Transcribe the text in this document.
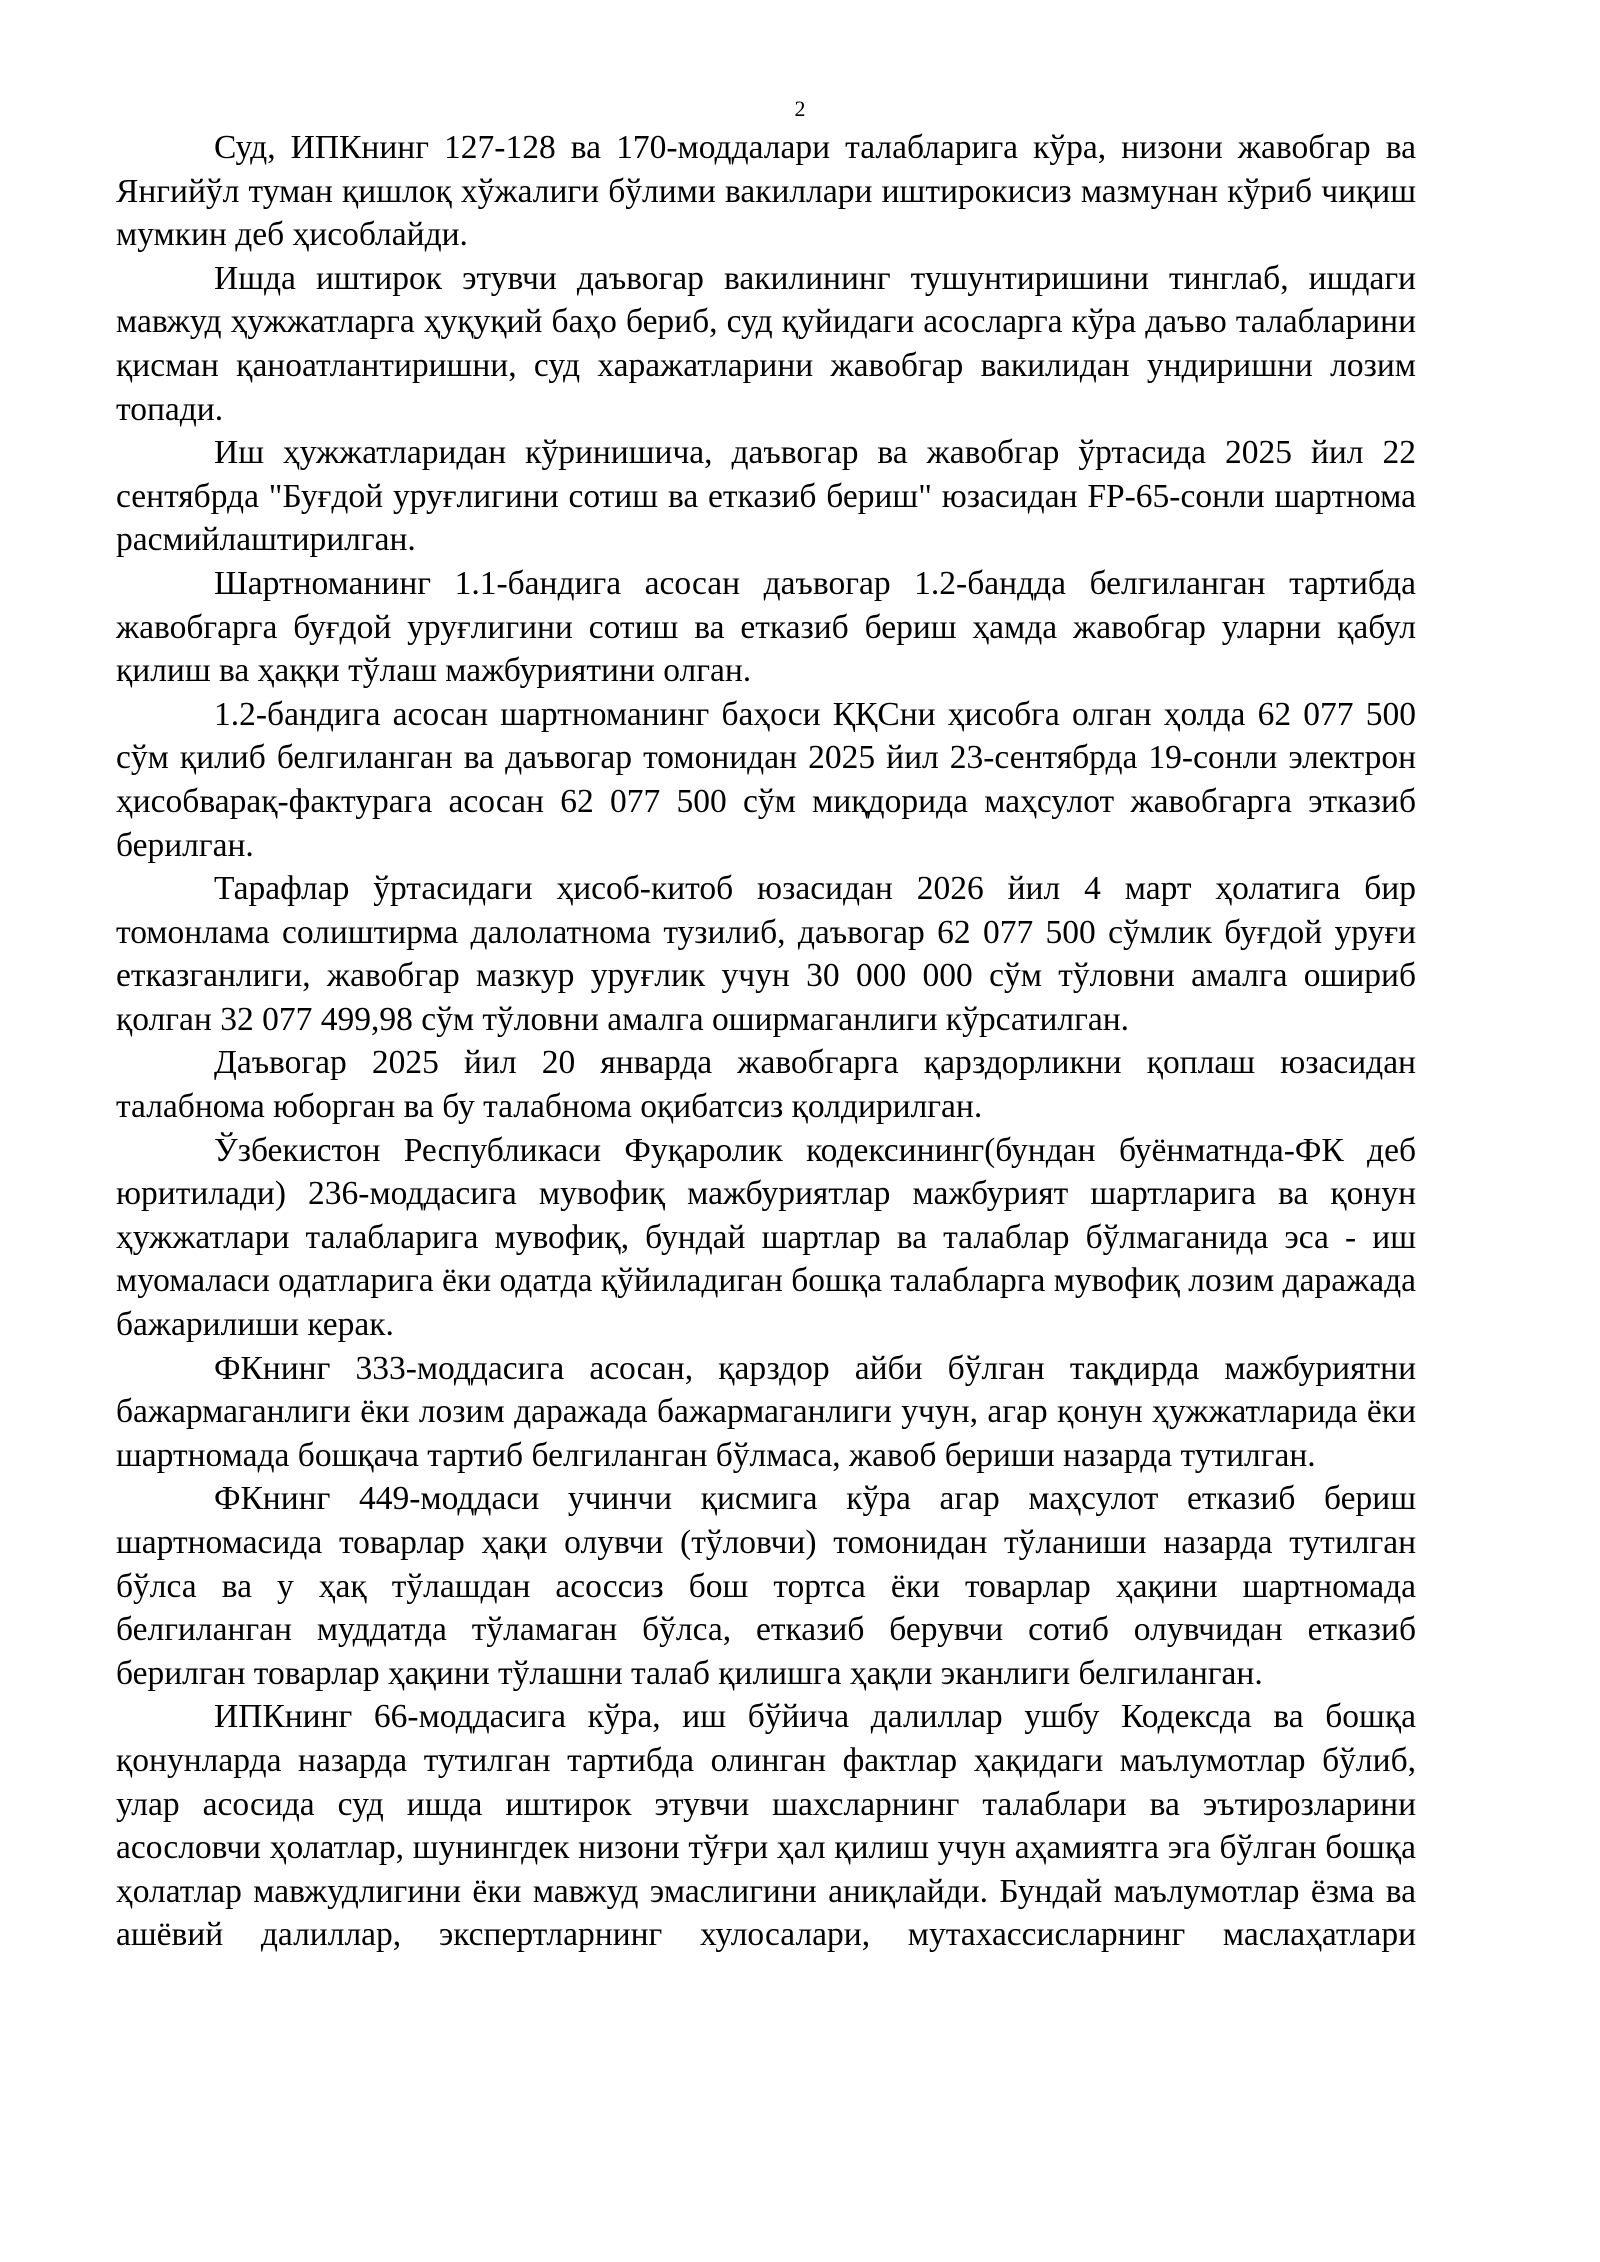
2

Суд, ИПКнинг 127-128 ва 170-моддалари талабларига кўра, низони жавобгар ва Янгийўл туман қишлоқ хўжалиги бўлими вакиллари иштирокисиз мазмунан кўриб чиқиш мумкин деб ҳисоблайди.

Ишда иштирок этувчи даъвогар вакилининг тушунтиришини тинглаб, ишдаги мавжуд ҳужжатларга ҳуқуқий баҳо бериб, суд қуйидаги асосларга кўра даъво талабларини қисман қаноатлантиришни, суд харажатларини жавобгар вакилидан ундиришни лозим топади.

Иш ҳужжатларидан кўринишича, даъвогар ва жавобгар ўртасида 2025 йил 22 сентябрда "Буғдой уруғлигини сотиш ва етказиб бериш" юзасидан FP-65-сонли шартнома расмийлаштирилган.

Шартноманинг 1.1-бандига асосан даъвогар 1.2-бандда белгиланган тартибда жавобгарга буғдой уруғлигини сотиш ва етказиб бериш ҳамда жавобгар уларни қабул қилиш ва ҳаққи тўлаш мажбуриятини олган.

1.2-бандига асосан шартноманинг баҳоси ҚҚСни ҳисобга олган ҳолда 62 077 500 сўм қилиб белгиланган ва даъвогар томонидан 2025 йил 23-сентябрда 19-сонли электрон ҳисобварақ-фактурага асосан 62 077 500 сўм миқдорида маҳсулот жавобгарга этказиб берилган.

Тарафлар ўртасидаги ҳисоб-китоб юзасидан 2026 йил 4 март ҳолатига бир томонлама солиштирма далолатнома тузилиб, даъвогар 62 077 500 сўмлик буғдой уруғи етказганлиги, жавобгар мазкур уруғлик учун 30 000 000 сўм тўловни амалга ошириб қолган 32 077 499,98 сўм тўловни амалга оширмаганлиги кўрсатилган.

Даъвогар 2025 йил 20 январда жавобгарга қарздорликни қоплаш юзасидан талабнома юборган ва бу талабнома оқибатсиз қолдирилган.

Ўзбекистон Республикаси Фуқаролик кодексининг(бундан буёнматнда-ФК деб юритилади) 236-моддасига мувофиқ мажбуриятлар мажбурият шартларига ва қонун ҳужжатлари талабларига мувофиқ, бундай шартлар ва талаблар бўлмаганида эса - иш муомаласи одатларига ёки одатда қўйиладиган бошқа талабларга мувофиқ лозим даражада бажарилиши керак.

ФКнинг 333-моддасига асосан, қарздор айби бўлган тақдирда мажбуриятни бажармаганлиги ёки лозим даражада бажармаганлиги учун, агар қонун ҳужжатларида ёки шартномада бошқача тартиб белгиланган бўлмаса, жавоб бериши назарда тутилган.

ФКнинг 449-моддаси учинчи қисмига кўра агар маҳсулот етказиб бериш шартномасида товарлар ҳақи олувчи (тўловчи) томонидан тўланиши назарда тутилган бўлса ва у ҳақ тўлашдан асоссиз бош тортса ёки товарлар ҳақини шартномада белгиланган муддатда тўламаган бўлса, етказиб берувчи сотиб олувчидан етказиб берилган товарлар ҳақини тўлашни талаб қилишга ҳақли эканлиги белгиланган.

ИПКнинг 66-моддасига кўра, иш бўйича далиллар ушбу Кодексда ва бошқа қонунларда назарда тутилган тартибда олинган фактлар ҳақидаги маълумотлар бўлиб, улар асосида суд ишда иштирок этувчи шахсларнинг талаблари ва эътирозларини асословчи ҳолатлар, шунингдек низони тўғри ҳал қилиш учун аҳамиятга эга бўлган бошқа ҳолатлар мавжудлигини ёки мавжуд эмаслигини аниқлайди. Бундай маълумотлар ёзма ва ашёвий далиллар, экспертларнинг хулосалари, мутахассисларнинг маслаҳатлари
